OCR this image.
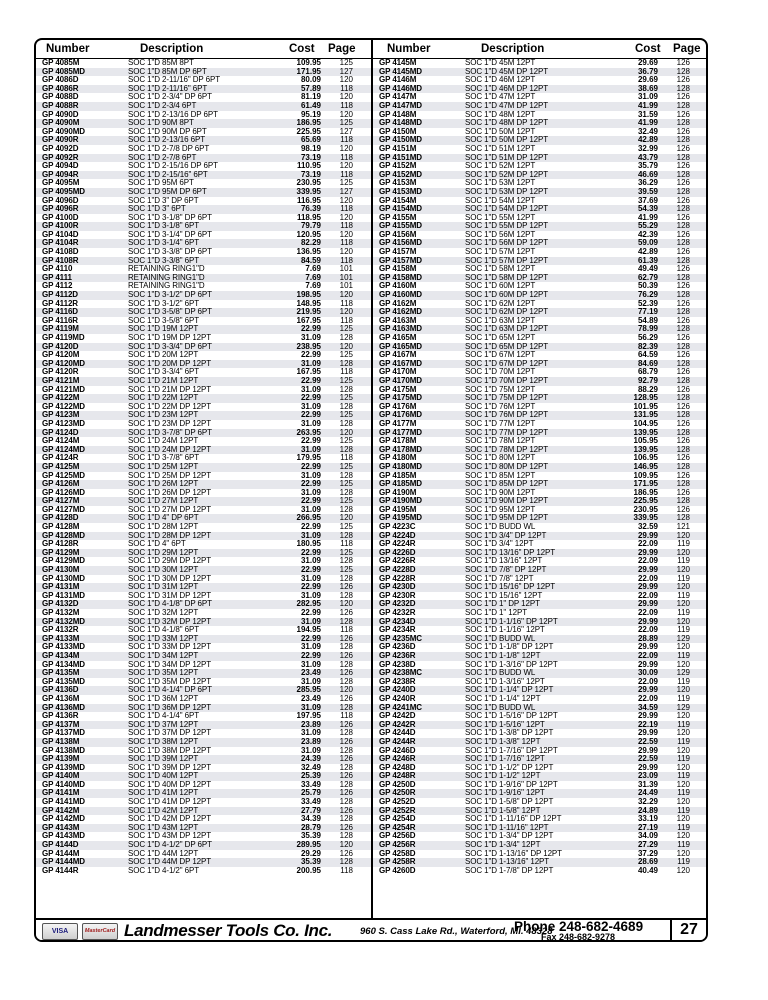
Number	Description	Cost Page
GP 4085M	SOC 1"D 85M 8PT	109.95 125
GP 4085MD	SOC 1"D 85M DP 6PT	171.95 127
GP 4086D	SOC 1"D 2-11/16" DP 6PT	80.09 120
GP 4086R	SOC 1"D 2-11/16" 6PT	57.89 118
GP 4088D	SOC 1"D 2-3/4" DP 6PT	81.19 120
GP 4088R	SOC 1"D 2-3/4 6PT	61.49 118
GP 4090D	SOC 1"D 2-13/16 DP 6PT	95.19 120
GP 4090M	SOC 1"D 90M 8PT	186.95 125
GP 4090MD	SOC 1"D 90M DP 6PT	225.95 127
GP 4090R	SOC 1"D 2-13/16 6PT	65.69 118
GP 4092D	SOC 1"D 2-7/8 DP 6PT	98.19 120
GP 4092R	SOC 1"D 2-7/8 6PT	73.19 118
GP 4094D	SOC 1"D 2-15/16 DP 6PT	110.95 120
GP 4094R	SOC 1"D 2-15/16" 6PT	73.19 118
GP 4095M	SOC 1"D 95M 6PT	230.95 125
GP 4095MD	SOC 1"D 95M DP 6PT	339.95 127
GP 4096D	SOC 1"D 3" DP 6PT	116.95 120
GP 4096R	SOC 1"D 3" 6PT	76.39 118
GP 4100D	SOC 1"D 3-1/8" DP 6PT	118.95 120
GP 4100R	SOC 1"D 3-1/8" 6PT	79.79 118
GP 4104D	SOC 1"D 3-1/4" DP 6PT	120.95 120
GP 4104R	SOC 1"D 3-1/4" 6PT	82.29 118
GP 4108D	SOC 1"D 3-3/8" DP 6PT	136.95 120
GP 4108R	SOC 1"D 3-3/8" 6PT	84.59 118
GP 4110	RETAINING RING1"D	7.69 101
GP 4111	RETAINING RING1"D	7.69 101
GP 4112	RETAINING RING1"D	7.69 101
GP 4112D	SOC 1"D 3-1/2" DP 6PT	198.95 120
GP 4112R	SOC 1"D 3-1/2" 6PT	148.95 118
GP 4116D	SOC 1"D 3-5/8" DP 6PT	219.95 120
GP 4116R	SOC 1"D 3-5/8" 6PT	167.95 118
GP 4119M	SOC 1"D 19M 12PT	22.99 125
GP 4119MD	SOC 1"D 19M DP 12PT	31.09 128
GP 4120D	SOC 1"D 3-3/4" DP 6PT	238.95 120
GP 4120M	SOC 1"D 20M 12PT	22.99 125
GP 4120MD	SOC 1"D 20M DP 12PT	31.09 128
GP 4120R	SOC 1"D 3-3/4" 6PT	167.95 118
GP 4121M	SOC 1"D 21M 12PT	22.99 125
GP 4121MD	SOC 1"D 21M DP 12PT	31.09 128
GP 4122M	SOC 1"D 22M 12PT	22.99 125
GP 4122MD	SOC 1"D 22M DP 12PT	31.09 128
GP 4123M	SOC 1"D 23M 12PT	22.99 125
GP 4123MD	SOC 1"D 23M DP 12PT	31.09 128
GP 4124D	SOC 1"D 3-7/8" DP 6PT	263.95 120
GP 4124M	SOC 1"D 24M 12PT	22.99 125
GP 4124MD	SOC 1"D 24M DP 12PT	31.09 128
GP 4124R	SOC 1"D 3-7/8" 6PT	179.95 118
GP 4125M	SOC 1"D 25M 12PT	22.99 125
GP 4125MD	SOC 1"D 25M DP 12PT	31.09 128
GP 4126M	SOC 1"D 26M 12PT	22.99 125
GP 4126MD	SOC 1"D 26M DP 12PT	31.09 128
GP 4127M	SOC 1"D 27M 12PT	22.99 125
GP 4127MD	SOC 1"D 27M DP 12PT	31.09 128
GP 4128D	SOC 1"D 4" DP 6PT	266.95 120
GP 4128M	SOC 1"D 28M 12PT	22.99 125
GP 4128MD	SOC 1"D 28M DP 12PT	31.09 128
GP 4128R	SOC 1"D 4" 6PT	180.95 118
GP 4129M	SOC 1"D 29M 12PT	22.99 125
GP 4129MD	SOC 1"D 29M DP 12PT	31.09 128
GP 4130M	SOC 1"D 30M 12PT	22.99 125
GP 4130MD	SOC 1"D 30M DP 12PT	31.09 128
GP 4131M	SOC 1"D 31M 12PT	22.99 126
GP 4131MD	SOC 1"D 31M DP 12PT	31.09 128
GP 4132D	SOC 1"D 4-1/8" DP 6PT	282.95 120
GP 4132M	SOC 1"D 32M 12PT	22.99 126
GP 4132MD	SOC 1"D 32M DP 12PT	31.09 128
GP 4132R	SOC 1"D 4-1/8" 6PT	194.95 118
GP 4133M	SOC 1"D 33M 12PT	22.99 126
GP 4133MD	SOC 1"D 33M DP 12PT	31.09 128
GP 4134M	SOC 1"D 34M 12PT	22.99 126
GP 4134MD	SOC 1"D 34M DP 12PT	31.09 128
GP 4135M	SOC 1"D 35M 12PT	23.49 126
GP 4135MD	SOC 1"D 35M DP 12PT	31.09 128
GP 4136D	SOC 1"D 4-1/4" DP 6PT	285.95 120
GP 4136M	SOC 1"D 36M 12PT	23.49 126
GP 4136MD	SOC 1"D 36M DP 12PT	31.09 128
GP 4136R	SOC 1"D 4-1/4" 6PT	197.95 118
GP 4137M	SOC 1"D 37M 12PT	23.89 126
GP 4137MD	SOC 1"D 37M DP 12PT	31.09 128
GP 4138M	SOC 1"D 38M 12PT	23.89 126
GP 4138MD	SOC 1"D 38M DP 12PT	31.09 128
GP 4139M	SOC 1"D 39M 12PT	24.39 126
GP 4139MD	SOC 1"D 39M DP 12PT	32.49 128
GP 4140M	SOC 1"D 40M 12PT	25.39 126
GP 4140MD	SOC 1"D 40M DP 12PT	33.49 128
GP 4141M	SOC 1"D 41M 12PT	25.79 126
GP 4141MD	SOC 1"D 41M DP 12PT	33.49 128
GP 4142M	SOC 1"D 42M 12PT	27.79 126
GP 4142MD	SOC 1"D 42M DP 12PT	34.39 128
GP 4143M	SOC 1"D 43M 12PT	28.79 126
GP 4143MD	SOC 1"D 43M DP 12PT	35.39 128
GP 4144D	SOC 1"D 4-1/2" DP 6PT	289.95 120
GP 4144M	SOC 1"D 44M 12PT	29.29 126
GP 4144MD	SOC 1"D 44M DP 12PT	35.39 128
GP 4144R	SOC 1"D 4-1/2" 6PT	200.95 118
Number	Description	Cost Page
GP 4145M	SOC 1"D 45M 12PT	29.69 126
GP 4145MD	SOC 1"D 45M DP 12PT	36.79 128
GP 4146M	SOC 1"D 46M 12PT	29.69 126
GP 4146MD	SOC 1"D 46M DP 12PT	38.69 128
GP 4147M	SOC 1"D 47M 12PT	31.09 126
GP 4147MD	SOC 1"D 47M DP 12PT	41.99 128
GP 4148M	SOC 1"D 48M 12PT	31.59 126
GP 4148MD	SOC 1"D 48M DP 12PT	41.99 128
GP 4150M	SOC 1"D 50M 12PT	32.49 126
GP 4150MD	SOC 1"D 50M DP 12PT	42.89 128
GP 4151M	SOC 1"D 51M 12PT	32.99 126
GP 4151MD	SOC 1"D 51M DP 12PT	43.79 128
GP 4152M	SOC 1"D 52M 12PT	35.79 126
GP 4152MD	SOC 1"D 52M DP 12PT	46.69 128
GP 4153M	SOC 1"D 53M 12PT	36.29 126
GP 4153MD	SOC 1"D 53M DP 12PT	39.59 128
GP 4154M	SOC 1"D 54M 12PT	37.69 126
GP 4154MD	SOC 1"D 54M DP 12PT	54.39 128
GP 4155M	SOC 1"D 55M 12PT	41.99 126
GP 4155MD	SOC 1"D 55M DP 12PT	55.29 128
GP 4156M	SOC 1"D 56M 12PT	42.39 126
GP 4156MD	SOC 1"D 56M DP 12PT	59.09 128
GP 4157M	SOC 1"D 57M 12PT	42.89 126
GP 4157MD	SOC 1"D 57M DP 12PT	61.39 128
GP 4158M	SOC 1"D 58M 12PT	49.49 126
GP 4158MD	SOC 1"D 58M DP 12PT	62.79 128
GP 4160M	SOC 1"D 60M 12PT	50.39 126
GP 4160MD	SOC 1"D 60M DP 12PT	76.29 128
GP 4162M	SOC 1"D 62M 12PT	52.39 126
GP 4162MD	SOC 1"D 62M DP 12PT	77.19 128
GP 4163M	SOC 1"D 63M 12PT	54.89 126
GP 4163MD	SOC 1"D 63M DP 12PT	78.99 128
GP 4165M	SOC 1"D 65M 12PT	56.29 126
GP 4165MD	SOC 1"D 65M DP 12PT	82.39 128
GP 4167M	SOC 1"D 67M 12PT	64.59 126
GP 4167MD	SOC 1"D 67M DP 12PT	84.69 128
GP 4170M	SOC 1"D 70M 12PT	68.79 126
GP 4170MD	SOC 1"D 70M DP 12PT	92.79 128
GP 4175M	SOC 1"D 75M 12PT	88.29 126
GP 4175MD	SOC 1"D 75M DP 12PT	128.95 128
GP 4176M	SOC 1"D 76M 12PT	101.95 126
GP 4176MD	SOC 1"D 76M DP 12PT	131.95 128
GP 4177M	SOC 1"D 77M 12PT	104.95 126
GP 4177MD	SOC 1"D 77M DP 12PT	139.95 128
GP 4178M	SOC 1"D 78M 12PT	105.95 126
GP 4178MD	SOC 1"D 78M DP 12PT	139.95 128
GP 4180M	SOC 1"D 80M 12PT	106.95 126
GP 4180MD	SOC 1"D 80M DP 12PT	146.95 128
GP 4185M	SOC 1"D 85M 12PT	109.95 126
GP 4185MD	SOC 1"D 85M DP 12PT	171.95 128
GP 4190M	SOC 1"D 90M 12PT	186.95 126
GP 4190MD	SOC 1"D 90M DP 12PT	225.95 128
GP 4195M	SOC 1"D 95M 12PT	230.95 126
GP 4195MD	SOC 1"D 95M DP 12PT	339.95 128
GP 4223C	SOC 1"D BUDD WL	32.59 121
GP 4224D	SOC 1"D 3/4" DP 12PT	29.99 120
GP 4224R	SOC 1"D 3/4" 12PT	22.09 119
GP 4226D	SOC 1"D 13/16" DP 12PT	29.99 120
GP 4226R	SOC 1"D 13/16" 12PT	22.09 119
GP 4228D	SOC 1"D 7/8" DP 12PT	29.99 120
GP 4228R	SOC 1"D 7/8" 12PT	22.09 119
GP 4230D	SOC 1"D 15/16" DP 12PT	29.99 120
GP 4230R	SOC 1"D 15/16" 12PT	22.09 119
GP 4232D	SOC 1"D 1" DP 12PT	29.99 120
GP 4232R	SOC 1"D 1" 12PT	22.09 119
GP 4234D	SOC 1"D 1-1/16" DP 12PT	29.99 120
GP 4234R	SOC 1"D 1-1/16" 12PT	22.09 119
GP 4235MC	SOC 1"D BUDD WL	28.89 129
GP 4236D	SOC 1"D 1-1/8" DP 12PT	29.99 120
GP 4236R	SOC 1"D 1-1/8" 12PT	22.09 119
GP 4238D	SOC 1"D 1-3/16" DP 12PT	29.99 120
GP 4238MC	SOC 1"D BUDD WL	30.09 129
GP 4238R	SOC 1"D 1-3/16" 12PT	22.09 119
GP 4240D	SOC 1"D 1-1/4" DP 12PT	29.99 120
GP 4240R	SOC 1"D 1-1/4" 12PT	22.09 119
GP 4241MC	SOC 1"D BUDD WL	34.59 129
GP 4242D	SOC 1"D 1-5/16" DP 12PT	29.99 120
GP 4242R	SOC 1"D 1-5/16" 12PT	22.19 119
GP 4244D	SOC 1"D 1-3/8" DP 12PT	29.99 120
GP 4244R	SOC 1"D 1-3/8" 12PT	22.59 119
GP 4246D	SOC 1"D 1-7/16" DP 12PT	29.99 120
GP 4246R	SOC 1"D 1-7/16" 12PT	22.59 119
GP 4248D	SOC 1"D 1-1/2" DP 12PT	29.99 120
GP 4248R	SOC 1"D 1-1/2" 12PT	23.09 119
GP 4250D	SOC 1"D 1-9/16" DP 12PT	31.39 120
GP 4250R	SOC 1"D 1-9/16" 12PT	24.49 119
GP 4252D	SOC 1"D 1-5/8" DP 12PT	32.29 120
GP 4252R	SOC 1"D 1-5/8" 12PT	24.89 119
GP 4254D	SOC 1"D 1-11/16" DP 12PT	33.19 120
GP 4254R	SOC 1"D 1-11/16" 12PT	27.19 119
GP 4256D	SOC 1"D 1-3/4" DP 12PT	34.09 120
GP 4256R	SOC 1"D 1-3/4" 12PT	27.29 119
GP 4258D	SOC 1"D 1-13/16" DP 12PT	37.29 120
GP 4258R	SOC 1"D 1-13/16" 12PT	28.69 119
GP 4260D	SOC 1"D 1-7/8" DP 12PT	40.49 120
VISA	MasterCard Landmesser Tools Co. Inc.	960 S. Cass Lake Rd., Waterford, MI. 48328
Phone 248-682-4689
Fax 248-682-9278	27
